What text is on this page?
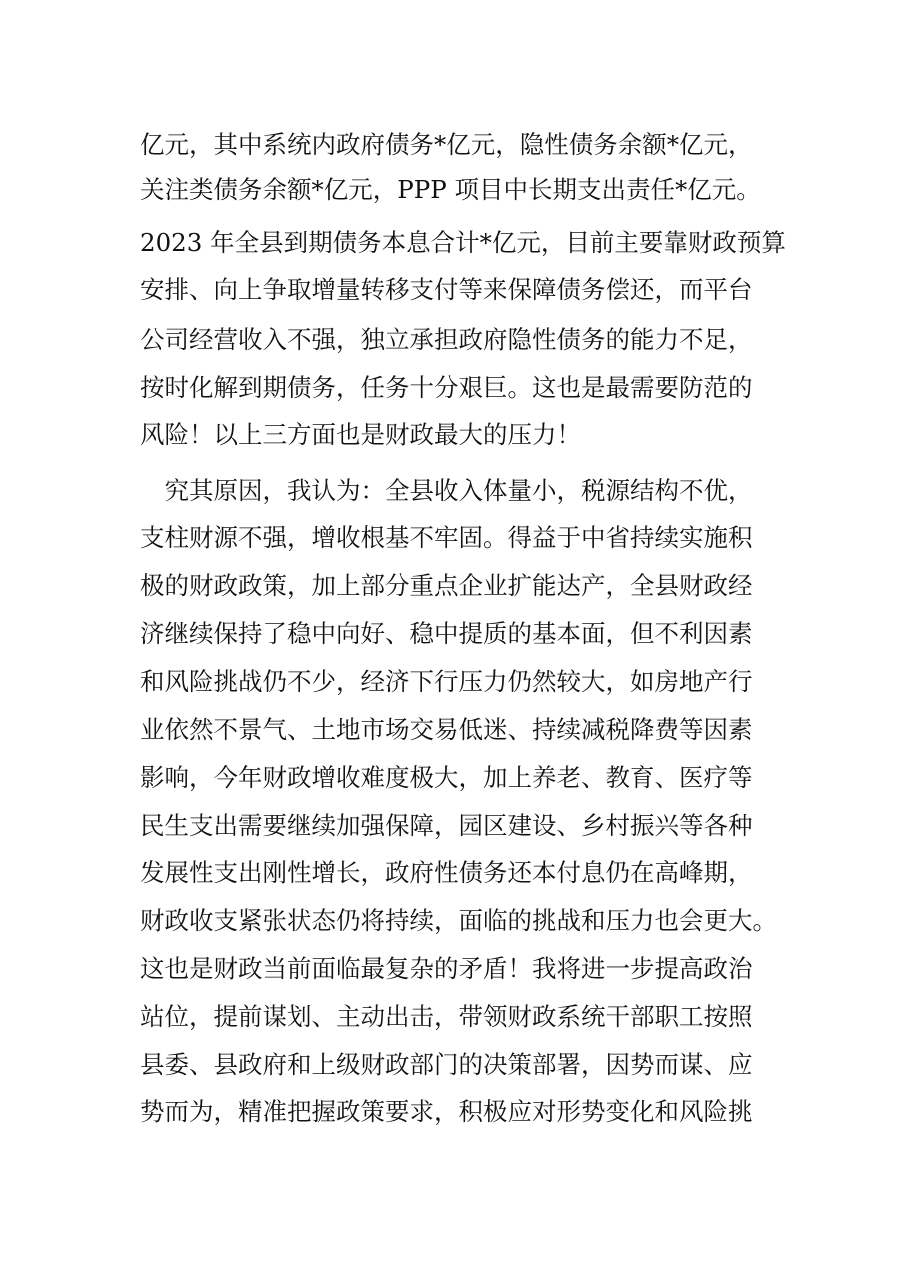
亿元，其中系统内政府债务*亿元，隐性债务余额*亿元，
关注类债务余额*亿元，PPP 项目中长期支出责任*亿元。
2023 年全县到期债务本息合计*亿元，目前主要靠财政预算
安排、向上争取增量转移支付等来保障债务偿还，而平台
公司经营收入不强，独立承担政府隐性债务的能力不足，
按时化解到期债务，任务十分艰巨。这也是最需要防范的
风险！以上三方面也是财政最大的压力！
　究其原因，我认为：全县收入体量小，税源结构不优，
支柱财源不强，增收根基不牢固。得益于中省持续实施积
极的财政政策，加上部分重点企业扩能达产，全县财政经
济继续保持了稳中向好、稳中提质的基本面，但不利因素
和风险挑战仍不少，经济下行压力仍然较大，如房地产行
业依然不景气、土地市场交易低迷、持续减税降费等因素
影响，今年财政增收难度极大，加上养老、教育、医疗等
民生支出需要继续加强保障，园区建设、乡村振兴等各种
发展性支出刚性增长，政府性债务还本付息仍在高峰期，
财政收支紧张状态仍将持续，面临的挑战和压力也会更大。
这也是财政当前面临最复杂的矛盾！我将进一步提高政治
站位，提前谋划、主动出击，带领财政系统干部职工按照
县委、县政府和上级财政部门的决策部署，因势而谋、应
势而为，精准把握政策要求，积极应对形势变化和风险挑
